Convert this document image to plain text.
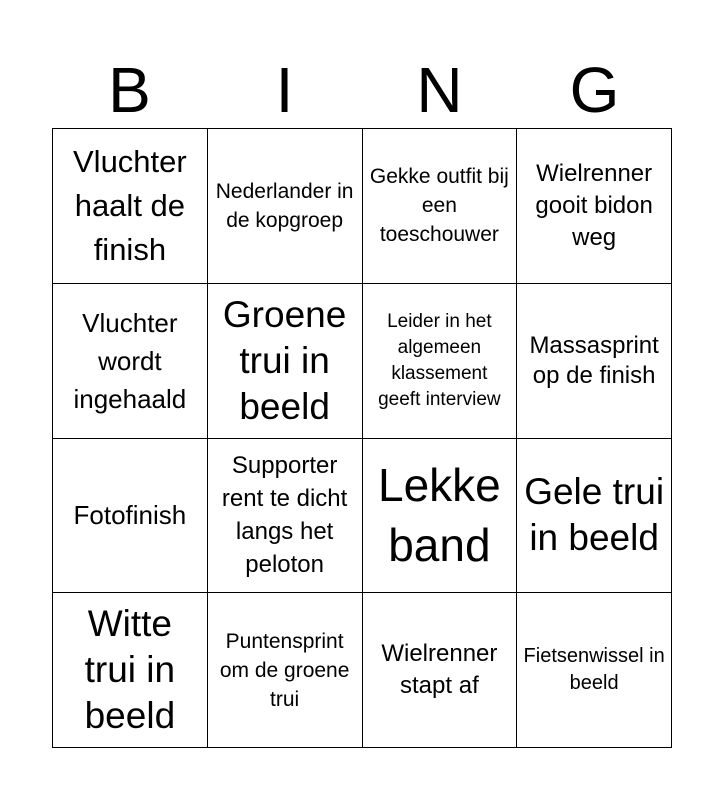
B	I	N	G
Vluchter haalt de finish
Nederlander in de kopgroep
Gekke outfit bij een toeschouwer
Wielrenner gooit bidon weg
Vluchter wordt ingehaald
Groene trui in beeld
Leider in het algemeen klassement geeft interview
Massasprint op de finish
Fotofinish
Supporter rent te dicht langs het peloton
Lekke band
Gele trui in beeld
Witte trui in beeld
Puntensprint om de groene trui
Wielrenner stapt af
Fietsenwissel in beeld
